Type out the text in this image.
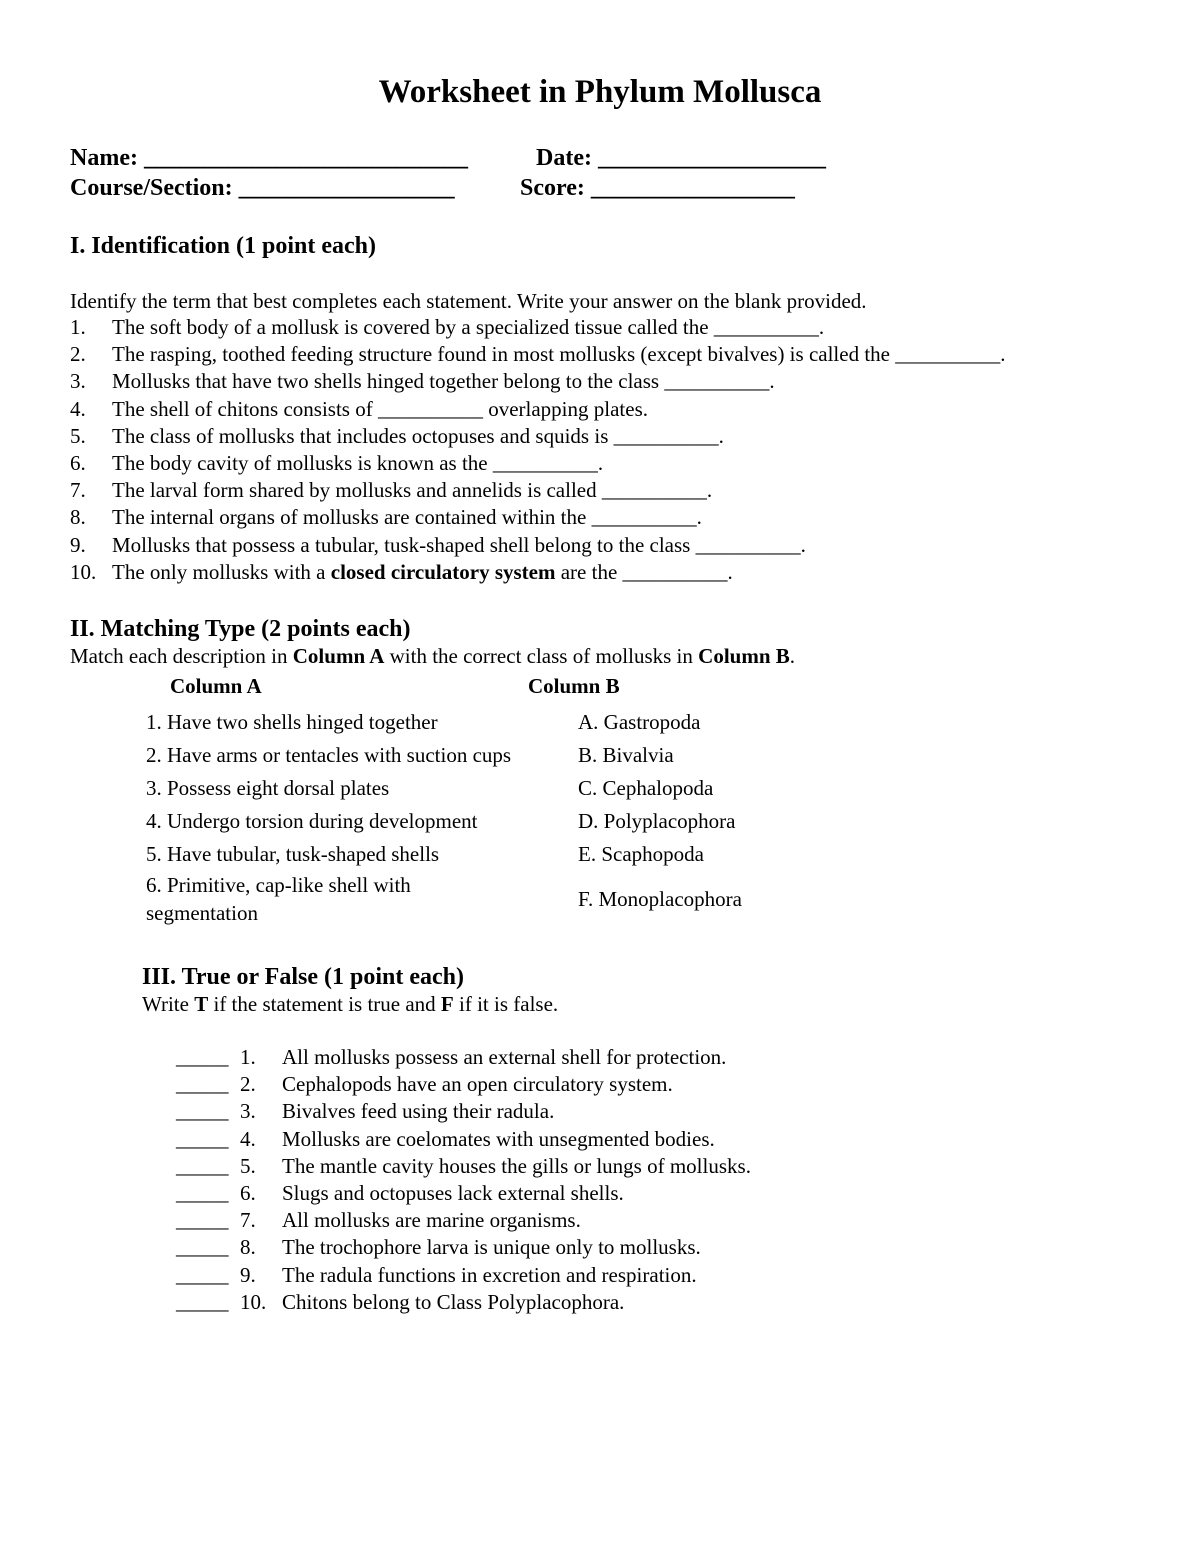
Worksheet in Phylum Mollusca
Name: ___________________________	Date: ___________________
Course/Section: __________________	Score: _________________
I. Identification (1 point each)
Identify the term that best completes each statement. Write your answer on the blank provided.
1.	The soft body of a mollusk is covered by a specialized tissue called the __________.
2.	The rasping, toothed feeding structure found in most mollusks (except bivalves) is called the __________.
3.	Mollusks that have two shells hinged together belong to the class __________.
4.	The shell of chitons consists of __________ overlapping plates.
5.	The class of mollusks that includes octopuses and squids is __________.
6.	The body cavity of mollusks is known as the __________.
7.	The larval form shared by mollusks and annelids is called __________.
8.	The internal organs of mollusks are contained within the __________.
9.	Mollusks that possess a tubular, tusk-shaped shell belong to the class __________.
10. The only mollusks with a closed circulatory system are the __________.
II. Matching Type (2 points each)
Match each description in Column A with the correct class of mollusks in Column B.
Column A	Column B
1. Have two shells hinged together	A. Gastropoda
2. Have arms or tentacles with suction cups	B. Bivalvia
3. Possess eight dorsal plates	C. Cephalopoda
4. Undergo torsion during development	D. Polyplacophora
5. Have tubular, tusk-shaped shells	E. Scaphopoda
6. Primitive, cap-like shell with
segmentation	F. Monoplacophora
III. True or False (1 point each)
Write T if the statement is true and F if it is false.
_____ 1. All mollusks possess an external shell for protection.
_____ 2. Cephalopods have an open circulatory system.
_____ 3. Bivalves feed using their radula.
_____ 4. Mollusks are coelomates with unsegmented bodies.
_____ 5. The mantle cavity houses the gills or lungs of mollusks.
_____ 6. Slugs and octopuses lack external shells.
_____ 7. All mollusks are marine organisms.
_____ 8. The trochophore larva is unique only to mollusks.
_____ 9. The radula functions in excretion and respiration.
_____ 10. Chitons belong to Class Polyplacophora.
